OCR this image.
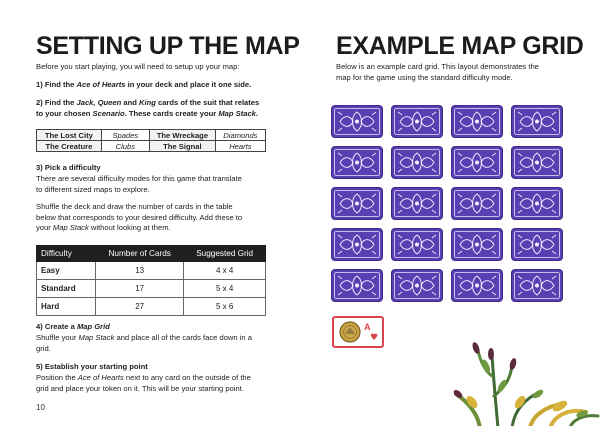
SETTING UP THE MAP

Before you start playing, you will need to setup up your map:

1) Find the Ace of Hearts in your deck and place it one side.

2) Find the Jack, Queen and King cards of the suit that relates
to your chosen Scenario. These cards create your Map Stack.

The Lost City	Spades	The Wreckage	Diamonds
The Creature	Clubs	The Signal	Hearts

3) Pick a difficulty

There are several difficulty modes for this game that translate
to different sized maps to explore.

Shuffle the deck and draw the number of cards in the table
below that corresponds to your desired difficulty. Add these to
your Map Stack without looking at them.

Difficulty	Number of Cards	Suggested Grid
Easy	13	4 x 4
Standard	17	5 x 4
Hard	27	5 x 6

4) Create a Map Grid

Shuffle your Map Stack and place all of the cards face down in a
grid.

5) Establish your starting point

Position the Ace of Hearts next to any card on the outside of the
grid and place your token on it. This will be your starting point.

10
EXAMPLE MAP GRID

Below is an example card grid. This layout demonstrates the
map for the game using the standard difficulty mode.

A
♥
